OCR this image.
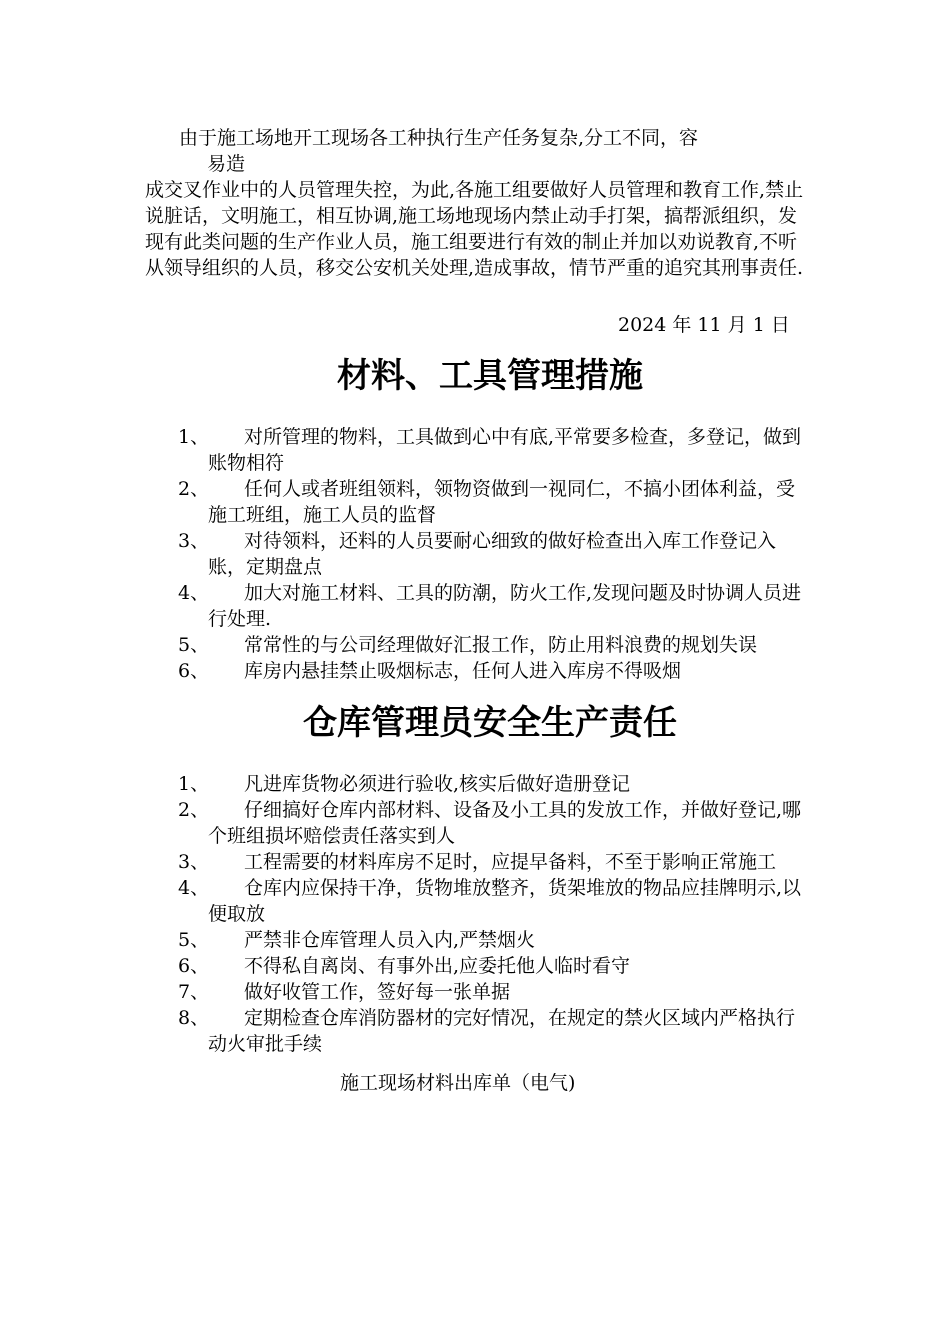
由于施工场地开工现场各工种执行生产任务复杂,分工不同，容
易造
成交叉作业中的人员管理失控，为此,各施工组要做好人员管理和教育工作,禁止说脏话，文明施工，相互协调,施工场地现场内禁止动手打架，搞帮派组织，发现有此类问题的生产作业人员，施工组要进行有效的制止并加以劝说教育,不听从领导组织的人员，移交公安机关处理,造成事故，情节严重的追究其刑事责任.
2024 年 11 月 1 日
材料、工具管理措施
1、	对所管理的物料，工具做到心中有底,平常要多检查，多登记，做到账物相符
2、	任何人或者班组领料，领物资做到一视同仁，不搞小团体利益，受施工班组，施工人员的监督
3、	对待领料，还料的人员要耐心细致的做好检查出入库工作登记入账，定期盘点
4、	加大对施工材料、工具的防潮，防火工作,发现问题及时协调人员进行处理.
5、	常常性的与公司经理做好汇报工作，防止用料浪费的规划失误
6、	库房内悬挂禁止吸烟标志，任何人进入库房不得吸烟
仓库管理员安全生产责任
1、	凡进库货物必须进行验收,核实后做好造册登记
2、	仔细搞好仓库内部材料、设备及小工具的发放工作，并做好登记,哪个班组损坏赔偿责任落实到人
3、	工程需要的材料库房不足时，应提早备料，不至于影响正常施工
4、	仓库内应保持干净，货物堆放整齐，货架堆放的物品应挂牌明示,以便取放
5、	严禁非仓库管理人员入内,严禁烟火
6、	不得私自离岗、有事外出,应委托他人临时看守
7、	做好收管工作，签好每一张单据
8、	定期检查仓库消防器材的完好情况，在规定的禁火区域内严格执行动火审批手续
施工现场材料出库单（电气)
